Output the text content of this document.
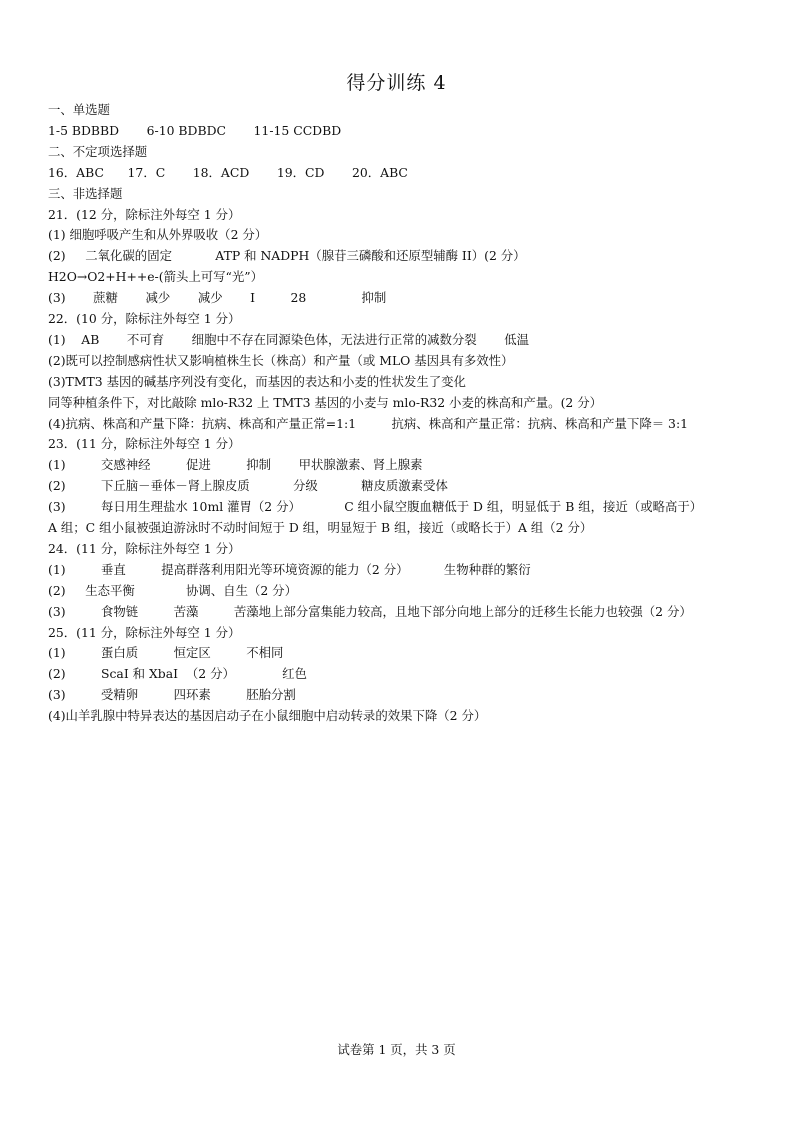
得分训练 4
一、单选题
1-5 BDBBD       6-10 BDBDC       11-15 CCDBD
二、不定项选择题
16．ABC      17．C       18．ACD       19．CD       20．ABC
三、非选择题
21．(12 分，除标注外每空 1 分）
(1) 细胞呼吸产生和从外界吸收（2 分）
(2)     二氧化碳的固定           ATP 和 NADPH（腺苷三磷酸和还原型辅酶 II）(2 分）
H2O→O2+H++e-(箭头上可写“光”）
(3)       蔗糖       减少       减少       I         28              抑制
22．(10 分，除标注外每空 1 分）
(1)    AB       不可育       细胞中不存在同源染色体，无法进行正常的减数分裂       低温
(2)既可以控制感病性状又影响植株生长（株高）和产量（或 MLO 基因具有多效性）
(3)TMT3 基因的碱基序列没有变化，而基因的表达和小麦的性状发生了变化
同等种植条件下，对比敲除 mlo-R32 上 TMT3 基因的小麦与 mlo-R32 小麦的株高和产量。(2 分）
(4)抗病、株高和产量下降：抗病、株高和产量正常=1:1         抗病、株高和产量正常：抗病、株高和产量下降＝ 3:1
23．(11 分，除标注外每空 1 分）
(1)         交感神经         促进         抑制       甲状腺激素、肾上腺素
(2)         下丘脑－垂体－肾上腺皮质           分级           糖皮质激素受体
(3)         每日用生理盐水 10ml 灌胃（2 分）           C 组小鼠空腹血糖低于 D 组，明显低于 B 组，接近（或略高于）
A 组；C 组小鼠被强迫游泳时不动时间短于 D 组，明显短于 B 组，接近（或略长于）A 组（2 分）
24．(11 分，除标注外每空 1 分）
(1)         垂直         提高群落利用阳光等环境资源的能力（2 分）         生物种群的繁衍
(2)     生态平衡             协调、自生（2 分）
(3)         食物链         苦藻         苦藻地上部分富集能力较高，且地下部分向地上部分的迁移生长能力也较强（2 分）
25．(11 分，除标注外每空 1 分）
(1)         蛋白质         恒定区         不相同
(2)         ScaI 和 XbaI  （2 分）            红色
(3)         受精卵         四环素         胚胎分割
(4)山羊乳腺中特异表达的基因启动子在小鼠细胞中启动转录的效果下降（2 分）
试卷第 1 页，共 3 页
